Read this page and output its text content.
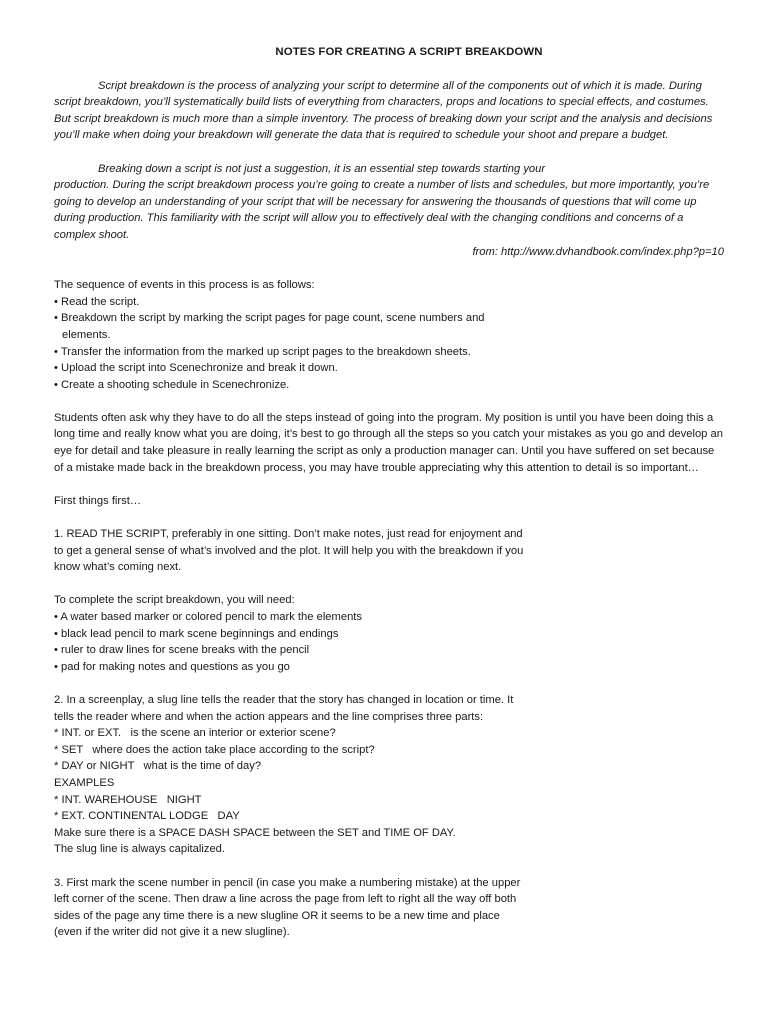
NOTES FOR CREATING A SCRIPT BREAKDOWN

Script breakdown is the process of analyzing your script to determine all of the components out of which it is made. During script breakdown, you’ll systematically build lists of everything from characters, props and locations to special effects, and costumes. But script breakdown is much more than a simple inventory. The process of breaking down your script and the analysis and decisions you’ll make when doing your breakdown will generate the data that is required to schedule your shoot and prepare a budget.

Breaking down a script is not just a suggestion, it is an essential step towards starting your

production. During the script breakdown process you’re going to create a number of lists and schedules, but more importantly, you’re going to develop an understanding of your script that will be necessary for answering the thousands of questions that will come up during production. This familiarity with the script will allow you to effectively deal with the changing conditions and concerns of a complex shoot.

from: http://www.dvhandbook.com/index.php?p=10

The sequence of events in this process is as follows:

• Read the script.

• Breakdown the script by marking the script pages for page count, scene numbers and

elements.

• Transfer the information from the marked up script pages to the breakdown sheets.

• Upload the script into Scenechronize and break it down.

• Create a shooting schedule in Scenechronize.

Students often ask why they have to do all the steps instead of going into the program. My position is until you have been doing this a long time and really know what you are doing, it’s best to go through all the steps so you catch your mistakes as you go and develop an eye for detail and take pleasure in really learning the script as only a production manager can. Until you have suffered on set because of a mistake made back in the breakdown process, you may have trouble appreciating why this attention to detail is so important…

First things first…

1. READ THE SCRIPT, preferably in one sitting. Don’t make notes, just read for enjoyment and to get a general sense of what’s involved and the plot. It will help you with the breakdown if you know what’s coming next.

To complete the script breakdown, you will need:

• A water based marker or colored pencil to mark the elements

• black lead pencil to mark scene beginnings and endings

• ruler to draw lines for scene breaks with the pencil

• pad for making notes and questions as you go

2. In a screenplay, a slug line tells the reader that the story has changed in location or time. It tells the reader where and when the action appears and the line comprises three parts:

* INT. or EXT.   is the scene an interior or exterior scene?

* SET   where does the action take place according to the script?

* DAY or NIGHT   what is the time of day?

EXAMPLES

* INT. WAREHOUSE   NIGHT

* EXT. CONTINENTAL LODGE   DAY

Make sure there is a SPACE DASH SPACE between the SET and TIME OF DAY.

The slug line is always capitalized.

3. First mark the scene number in pencil (in case you make a numbering mistake) at the upper left corner of the scene. Then draw a line across the page from left to right all the way off both sides of the page any time there is a new slugline OR it seems to be a new time and place (even if the writer did not give it a new slugline).
